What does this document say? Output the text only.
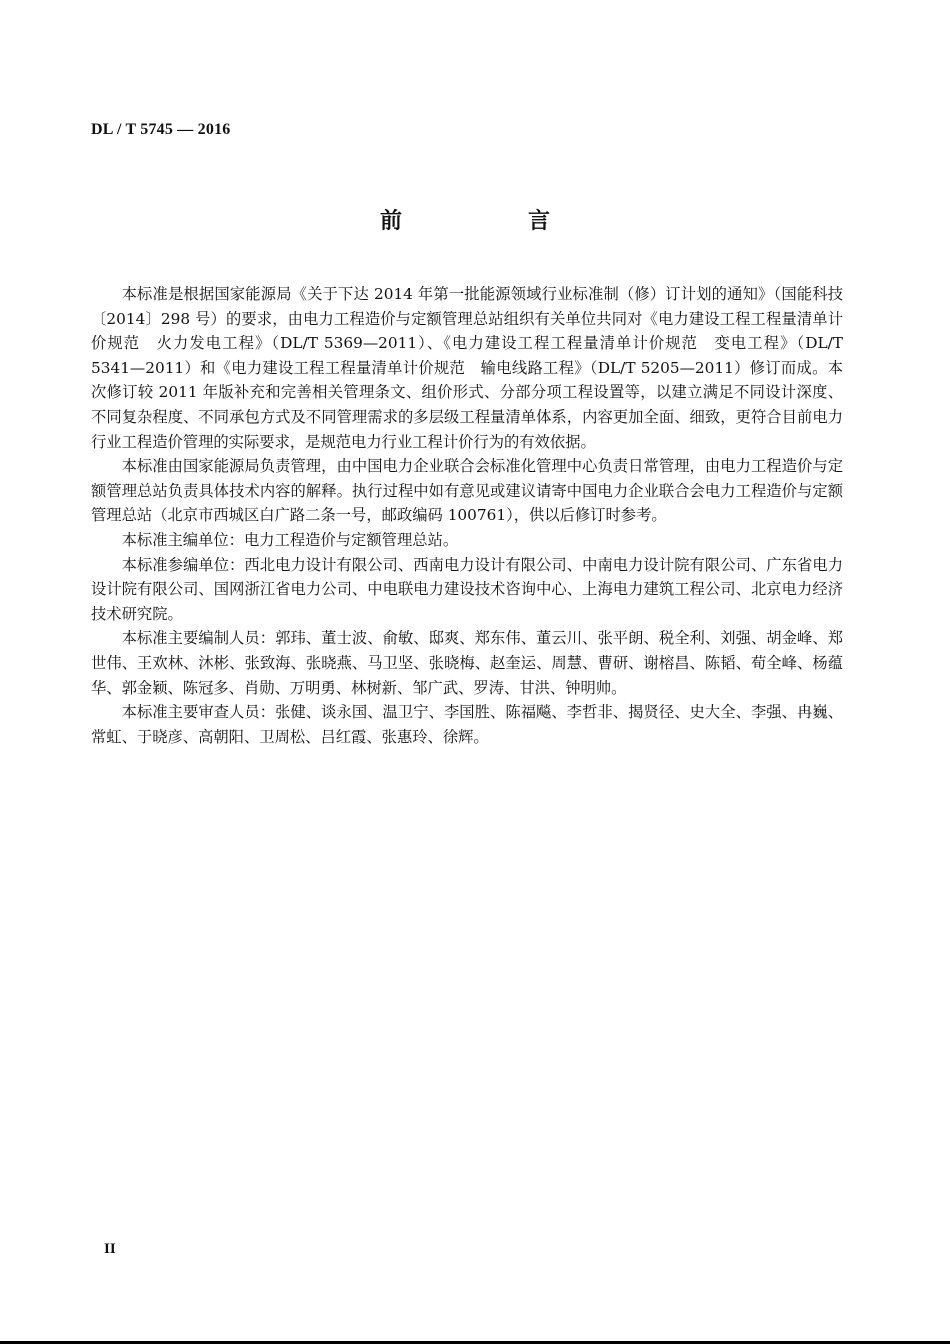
DL / T 5745 — 2016
前　言

本标准是根据国家能源局《关于下达 2014 年第一批能源领域行业标准制（修）订计划的通知》（国能科技〔2014〕298 号）的要求，由电力工程造价与定额管理总站组织有关单位共同对《电力建设工程工程量清单计价规范　火力发电工程》（DL/T 5369—2011）、《电力建设工程工程量清单计价规范　变电工程》（DL/T 5341—2011）和《电力建设工程工程量清单计价规范　输电线路工程》（DL/T 5205—2011）修订而成。本次修订较 2011 年版补充和完善相关管理条文、组价形式、分部分项工程设置等，以建立满足不同设计深度、不同复杂程度、不同承包方式及不同管理需求的多层级工程量清单体系，内容更加全面、细致，更符合目前电力行业工程造价管理的实际要求，是规范电力行业工程计价行为的有效依据。

本标准由国家能源局负责管理，由中国电力企业联合会标准化管理中心负责日常管理，由电力工程造价与定额管理总站负责具体技术内容的解释。执行过程中如有意见或建议请寄中国电力企业联合会电力工程造价与定额管理总站（北京市西城区白广路二条一号，邮政编码 100761），供以后修订时参考。

本标准主编单位：电力工程造价与定额管理总站。

本标准参编单位：西北电力设计有限公司、西南电力设计有限公司、中南电力设计院有限公司、广东省电力设计院有限公司、国网浙江省电力公司、中电联电力建设技术咨询中心、上海电力建筑工程公司、北京电力经济技术研究院。

本标准主要编制人员：郭玮、董士波、俞敏、邸爽、郑东伟、董云川、张平朗、税全利、刘强、胡金峰、郑世伟、王欢林、沐彬、张致海、张晓燕、马卫坚、张晓梅、赵奎运、周慧、曹研、谢榕昌、陈韬、荀全峰、杨蕴华、郭金颖、陈冠多、肖勋、万明勇、林树新、邹广武、罗涛、甘洪、钟明帅。

本标准主要审查人员：张健、谈永国、温卫宁、李国胜、陈福飚、李哲非、揭贤径、史大全、李强、冉巍、常虹、于晓彦、高朝阳、卫周松、吕红霞、张惠玲、徐辉。

II
